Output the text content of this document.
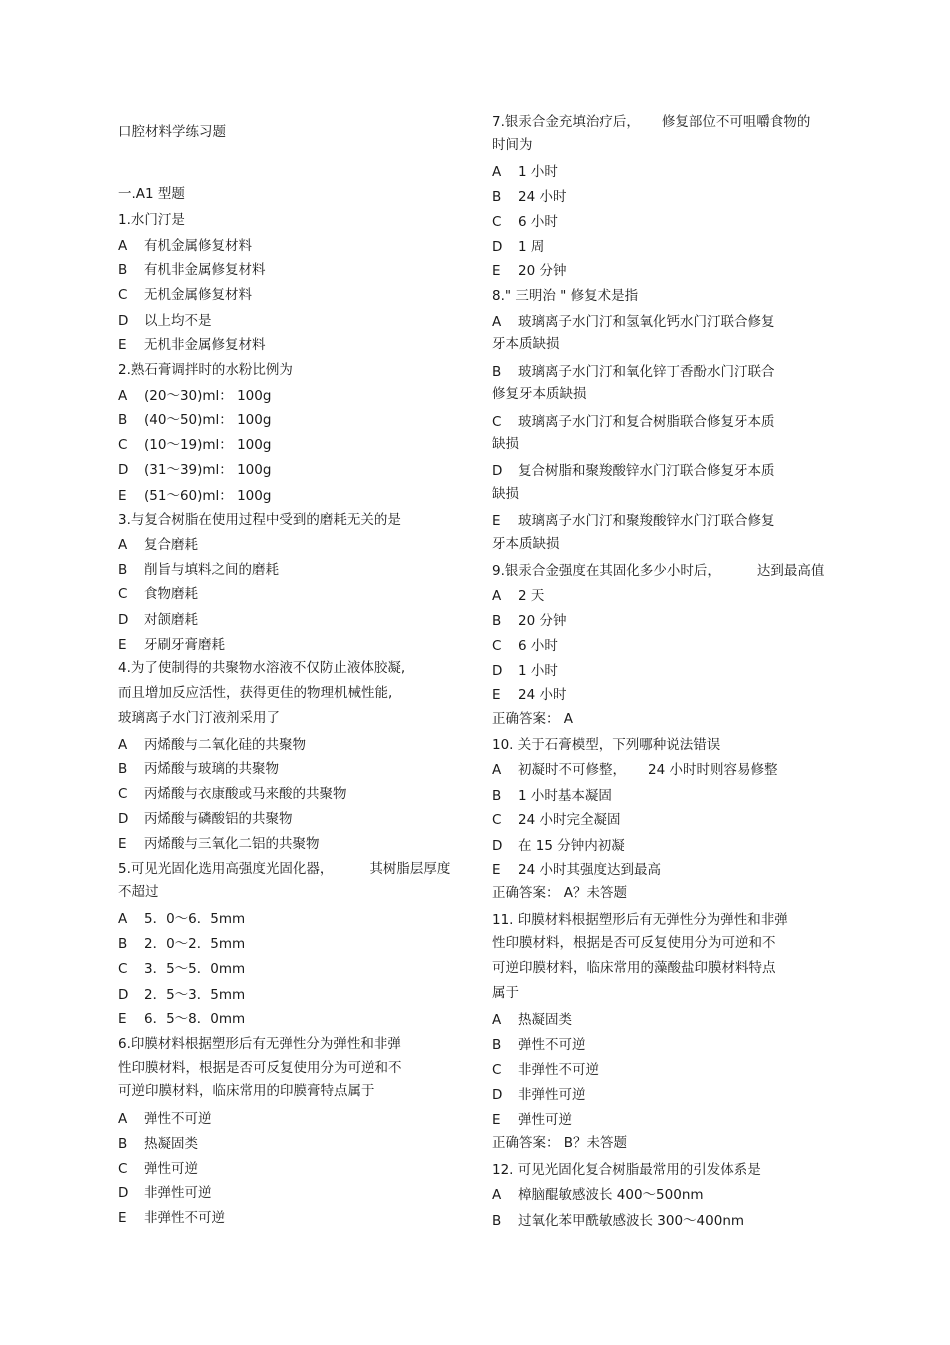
口腔材料学练习题
一.A1 型题
1.水门汀是
A 有机金属修复材料
B 有机非金属修复材料
C 无机金属修复材料
D 以上均不是
E 无机非金属修复材料
2.熟石膏调拌时的水粉比例为
A (20～30)ml： 100g
B (40～50)ml： 100g
C (10～19)ml： 100g
D (31～39)ml： 100g
E (51～60)ml： 100g
3.与复合树脂在使用过程中受到的磨耗无关的是
A 复合磨耗
B 削旨与填料之间的磨耗
C 食物磨耗
D 对颌磨耗
E 牙刷牙膏磨耗
4.为了使制得的共聚物水溶液不仅防止液体胶凝,
而且增加反应活性，获得更佳的物理机械性能,
玻璃离子水门汀液剂采用了
A 丙烯酸与二氧化硅的共聚物
B 丙烯酸与玻璃的共聚物
C 丙烯酸与衣康酸或马来酸的共聚物
D 丙烯酸与磷酸铝的共聚物
E 丙烯酸与三氧化二铝的共聚物
5.可见光固化选用高强度光固化器，	其树脂层厚度
不超过
A 5．0～6．5mm
B 2．0～2．5mm
C 3．5～5．0mm
D 2．5～3．5mm
E 6．5～8．0mm
6.印膜材料根据塑形后有无弹性分为弹性和非弹
性印膜材料，根据是否可反复使用分为可逆和不
可逆印膜材料，临床常用的印膜膏特点属于
A 弹性不可逆
B 热凝固类
C 弹性可逆
D 非弹性可逆
E 非弹性不可逆
7.银汞合金充填治疗后， 修复部位不可咀嚼食物的
时间为
A 1 小时
B 24 小时
C 6 小时
D 1 周
E 20 分钟
8." 三明治 " 修复术是指
A 玻璃离子水门汀和氢氧化钙水门汀联合修复
牙本质缺损
B 玻璃离子水门汀和氧化锌丁香酚水门汀联合
修复牙本质缺损
C 玻璃离子水门汀和复合树脂联合修复牙本质
缺损
D 复合树脂和聚羧酸锌水门汀联合修复牙本质
缺损
E 玻璃离子水门汀和聚羧酸锌水门汀联合修复
牙本质缺损
9.银汞合金强度在其固化多少小时后，	达到最高值
A 2 天
B 20 分钟
C 6 小时
D 1 小时
E 24 小时
正确答案： A
10. 关于石膏模型，下列哪种说法错误
A 初凝时不可修整， 24 小时时则容易修整
B 1 小时基本凝固
C 24 小时完全凝固
D 在 15 分钟内初凝
E 24 小时其强度达到最高
正确答案： A？未答题
11. 印膜材料根据塑形后有无弹性分为弹性和非弹
性印膜材料，根据是否可反复使用分为可逆和不
可逆印膜材料，临床常用的藻酸盐印膜材料特点
属于
A 热凝固类
B 弹性不可逆
C 非弹性不可逆
D 非弹性可逆
E 弹性可逆
正确答案： B？未答题
12. 可见光固化复合树脂最常用的引发体系是
A 樟脑醌敏感波长 400～500nm
B 过氧化苯甲酰敏感波长 300～400nm
